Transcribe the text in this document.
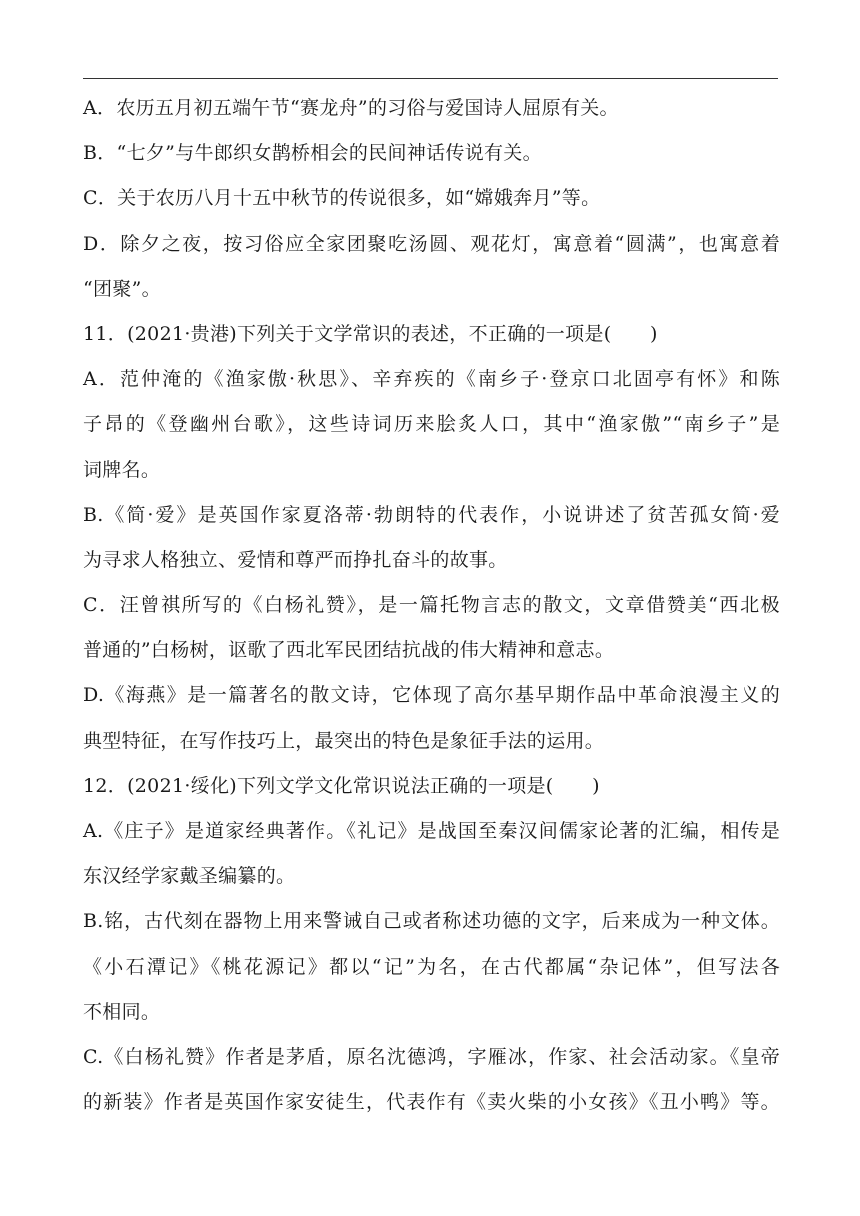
A．农历五月初五端午节“赛龙舟”的习俗与爱国诗人屈原有关。
B．“七夕”与牛郎织女鹊桥相会的民间神话传说有关。
C．关于农历八月十五中秋节的传说很多，如“嫦娥奔月”等。
D．除夕之夜，按习俗应全家团聚吃汤圆、观花灯，寓意着“圆满”，也寓意着
“团聚”。
11．(2021·贵港)下列关于文学常识的表述，不正确的一项是(　　)
A．范仲淹的《渔家傲·秋思》、辛弃疾的《南乡子·登京口北固亭有怀》和陈
子昂的《登幽州台歌》，这些诗词历来脍炙人口，其中“渔家傲”“南乡子”是
词牌名。
B.《简·爱》是英国作家夏洛蒂·勃朗特的代表作，小说讲述了贫苦孤女简·爱
为寻求人格独立、爱情和尊严而挣扎奋斗的故事。
C．汪曾祺所写的《白杨礼赞》，是一篇托物言志的散文，文章借赞美“西北极
普通的”白杨树，讴歌了西北军民团结抗战的伟大精神和意志。
D.《海燕》是一篇著名的散文诗，它体现了高尔基早期作品中革命浪漫主义的
典型特征，在写作技巧上，最突出的特色是象征手法的运用。
12．(2021·绥化)下列文学文化常识说法正确的一项是(　　)
A.《庄子》是道家经典著作。《礼记》是战国至秦汉间儒家论著的汇编，相传是
东汉经学家戴圣编纂的。
B.铭，古代刻在器物上用来警诫自己或者称述功德的文字，后来成为一种文体。
《小石潭记》《桃花源记》都以“记”为名，在古代都属“杂记体”，但写法各
不相同。
C.《白杨礼赞》作者是茅盾，原名沈德鸿，字雁冰，作家、社会活动家。《皇帝
的新装》作者是英国作家安徒生，代表作有《卖火柴的小女孩》《丑小鸭》等。
